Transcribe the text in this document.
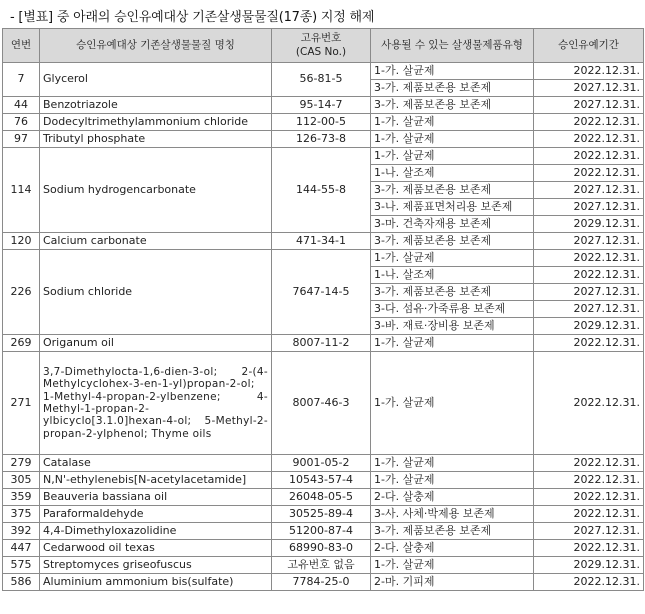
- [별표] 중 아래의 승인유예대상 기존살생물물질(17종) 지정 해제
연번	승인유예대상 기존살생물물질 명칭	고유번호
(CAS No.)	사용될 수 있는 살생물제품유형	승인유예기간
7	Glycerol	56-81-5	1-가. 살균제	2022.12.31.
			3-가. 제품보존용 보존제	2027.12.31.
44	Benzotriazole	95-14-7	3-가. 제품보존용 보존제	2027.12.31.
76	Dodecyltrimethylammonium chloride	112-00-5	1-가. 살균제	2022.12.31.
97	Tributyl phosphate	126-73-8	1-가. 살균제	2022.12.31.
114	Sodium hydrogencarbonate	144-55-8	1-가. 살균제	2022.12.31.
			1-나. 살조제	2022.12.31.
			3-가. 제품보존용 보존제	2027.12.31.
			3-나. 제품표면처리용 보존제	2027.12.31.
			3-마. 건축자재용 보존제	2029.12.31.
120	Calcium carbonate	471-34-1	3-가. 제품보존용 보존제	2027.12.31.
226	Sodium chloride	7647-14-5	1-가. 살균제	2022.12.31.
			1-나. 살조제	2022.12.31.
			3-가. 제품보존용 보존제	2027.12.31.
			3-다. 섬유·가죽류용 보존제	2027.12.31.
			3-바. 재료·장비용 보존제	2029.12.31.
269	Origanum oil	8007-11-2	1-가. 살균제	2022.12.31.
271	3,7-Dimethylocta-1,6-dien-3-ol; 2-(4-Methylcyclohex-3-en-1-yl)propan-2-ol; 1-Methyl-4-propan-2-ylbenzene; 4-Methyl-1-propan-2-ylbicyclo[3.1.0]hexan-4-ol; 5-Methyl-2-propan-2-ylphenol; Thyme oils	8007-46-3	1-가. 살균제	2022.12.31.
279	Catalase	9001-05-2	1-가. 살균제	2022.12.31.
305	N,N'-ethylenebis[N-acetylacetamide]	10543-57-4	1-가. 살균제	2022.12.31.
359	Beauveria bassiana oil	26048-05-5	2-다. 살충제	2022.12.31.
375	Paraformaldehyde	30525-89-4	3-사. 사체·박제용 보존제	2022.12.31.
392	4,4-Dimethyloxazolidine	51200-87-4	3-가. 제품보존용 보존제	2027.12.31.
447	Cedarwood oil texas	68990-83-0	2-다. 살충제	2022.12.31.
575	Streptomyces griseofuscus	고유번호 없음	1-가. 살균제	2029.12.31.
586	Aluminium ammonium bis(sulfate)	7784-25-0	2-마. 기피제	2022.12.31.
